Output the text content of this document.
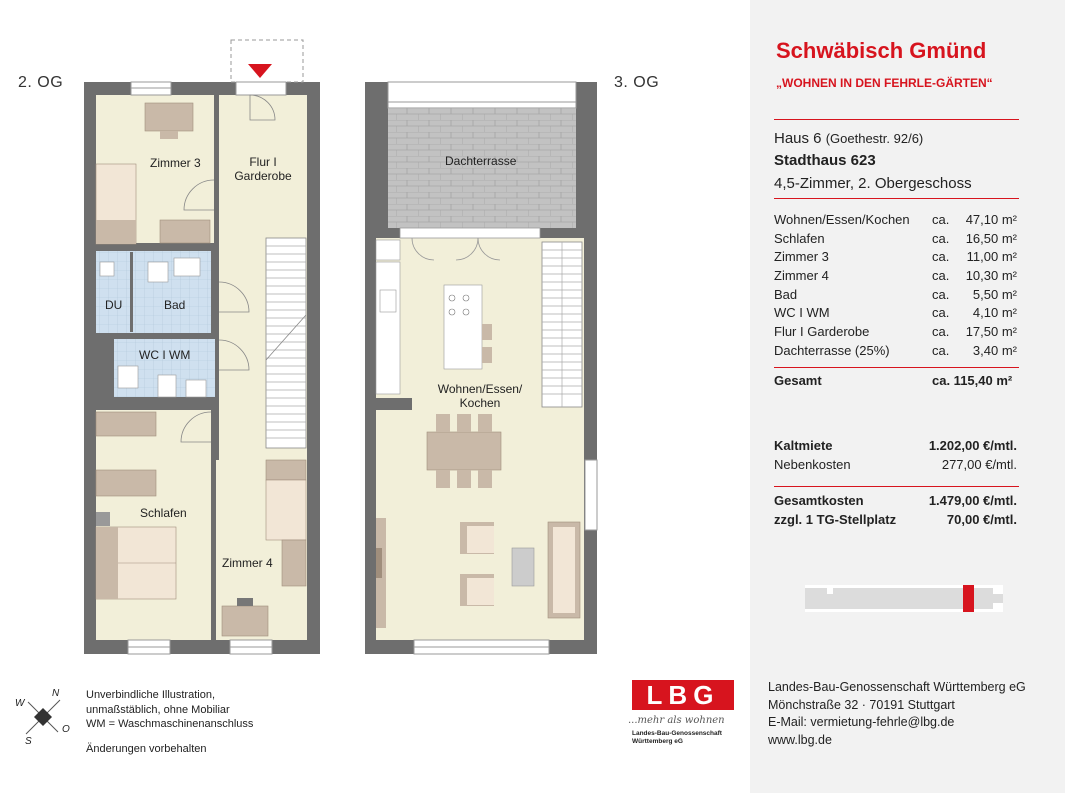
2. OG	3. OG
Zimmer 3	Flur I
Garderobe
DU	Bad
WC I WM
Schlafen
Zimmer 4
Dachterrasse
Wohnen/Essen/
Kochen
N
O
S
W
Unverbindliche Illustration,
unmaßstäblich, ohne Mobiliar
WM = Waschmaschinenanschluss
Änderungen vorbehalten
LBG
...mehr als wohnen
Landes-Bau-Genossenschaft
Württemberg eG
Schwäbisch Gmünd
„WOHNEN IN DEN FEHRLE-GÄRTEN“
Haus 6 (Goethestr. 92/6)
Stadthaus 623
4,5-Zimmer, 2. Obergeschoss
Wohnen/Essen/Kochen ca. 47,10 m²
Schlafen	ca. 16,50 m²
Zimmer 3	ca. 11,00 m²
Zimmer 4	ca. 10,30 m²
Bad	ca. 5,50 m²
WC I WM	ca. 4,10 m²
Flur I Garderobe	ca. 17,50 m²
Dachterrasse (25%)	ca. 3,40 m²
Gesamt	ca. 115,40 m²
Kaltmiete	1.202,00 €/mtl.
Nebenkosten	277,00 €/mtl.
Gesamtkosten	1.479,00 €/mtl.
zzgl. 1 TG-Stellplatz	70,00 €/mtl.
Landes-Bau-Genossenschaft Württemberg eG
Mönchstraße 32 · 70191 Stuttgart
E-Mail: vermietung-fehrle@lbg.de
www.lbg.de
